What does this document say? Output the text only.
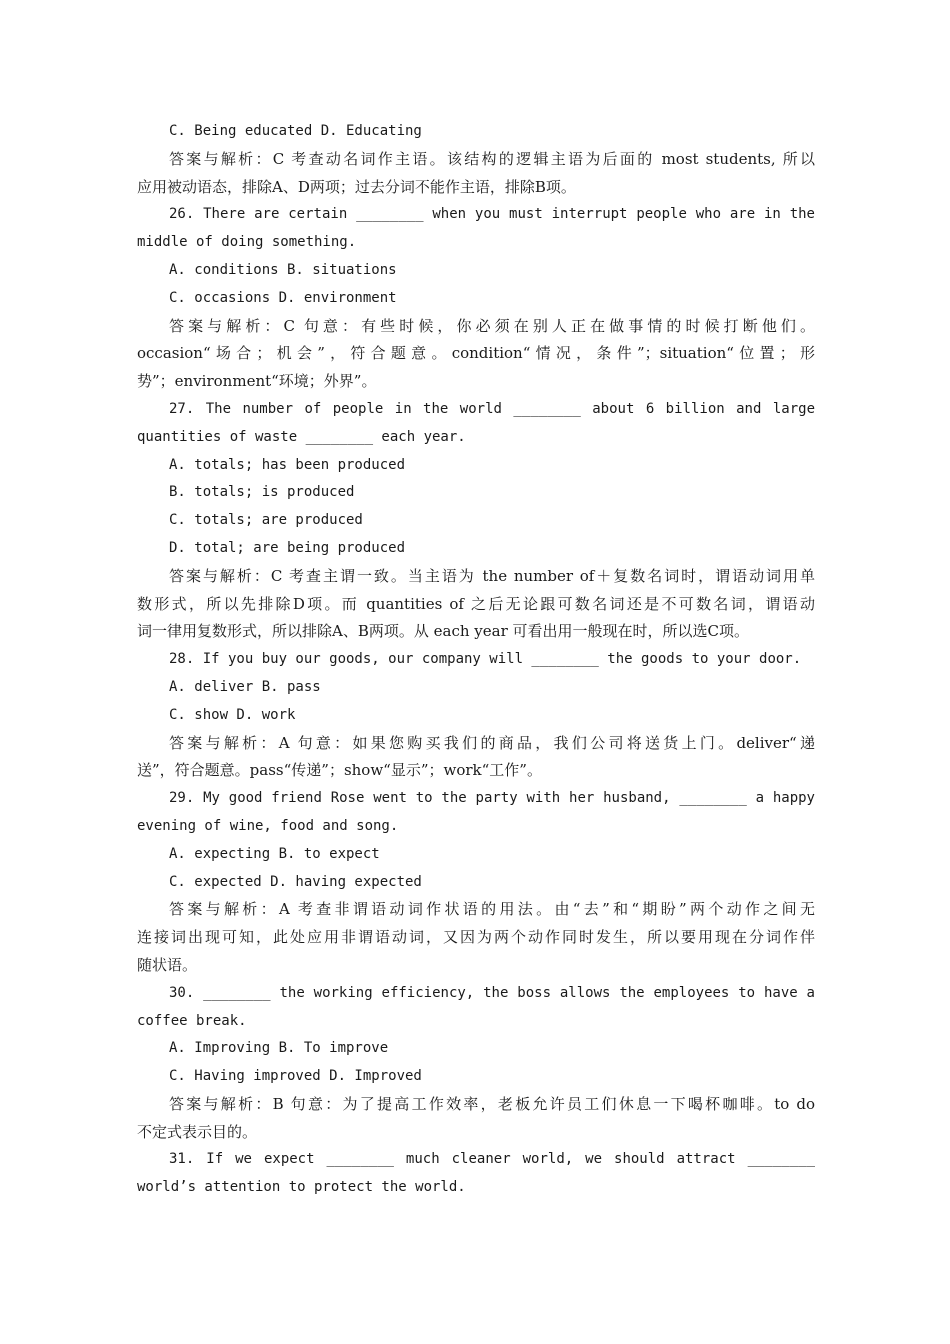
C. Being educated D. Educating
答案与解析：C 考查动名词作主语。该结构的逻辑主语为后面的 most students, 所以
应用被动语态，排除A、D两项；过去分词不能作主语，排除B项。
26. There are certain ________ when you must interrupt people who are in the
middle of doing something.
A. conditions B. situations
C. occasions D. environment
答案与解析：C 句意：有些时候，你必须在别人正在做事情的时候打断他们。
occasion“场合；机会”，符合题意。condition“情况，条件”；situation“位置；形
势”；environment“环境；外界”。
27. The number of people in the world ________ about 6 billion and large
quantities of waste ________ each year.
A. totals; has been produced
B. totals; is produced
C. totals; are produced
D. total; are being produced
答案与解析：C 考查主谓一致。当主语为 the number of＋复数名词时，谓语动词用单
数形式，所以先排除D项。而 quantities of 之后无论跟可数名词还是不可数名词，谓语动
词一律用复数形式，所以排除A、B两项。从 each year 可看出用一般现在时，所以选C项。
28. If you buy our goods, our company will ________ the goods to your door.
A. deliver B. pass
C. show D. work
答案与解析：A 句意：如果您购买我们的商品，我们公司将送货上门。deliver“递
送”，符合题意。pass“传递”；show“显示”；work“工作”。
29. My good friend Rose went to the party with her husband, ________ a happy
evening of wine, food and song.
A. expecting B. to expect
C. expected D. having expected
答案与解析：A 考查非谓语动词作状语的用法。由“去”和“期盼”两个动作之间无
连接词出现可知，此处应用非谓语动词，又因为两个动作同时发生，所以要用现在分词作伴
随状语。
30. ________ the working efficiency, the boss allows the employees to have a
coffee break.
A. Improving B. To improve
C. Having improved D. Improved
答案与解析：B 句意：为了提高工作效率，老板允许员工们休息一下喝杯咖啡。to do
不定式表示目的。
31. If we expect ________ much cleaner world, we should attract ________
world’s attention to protect the world.
